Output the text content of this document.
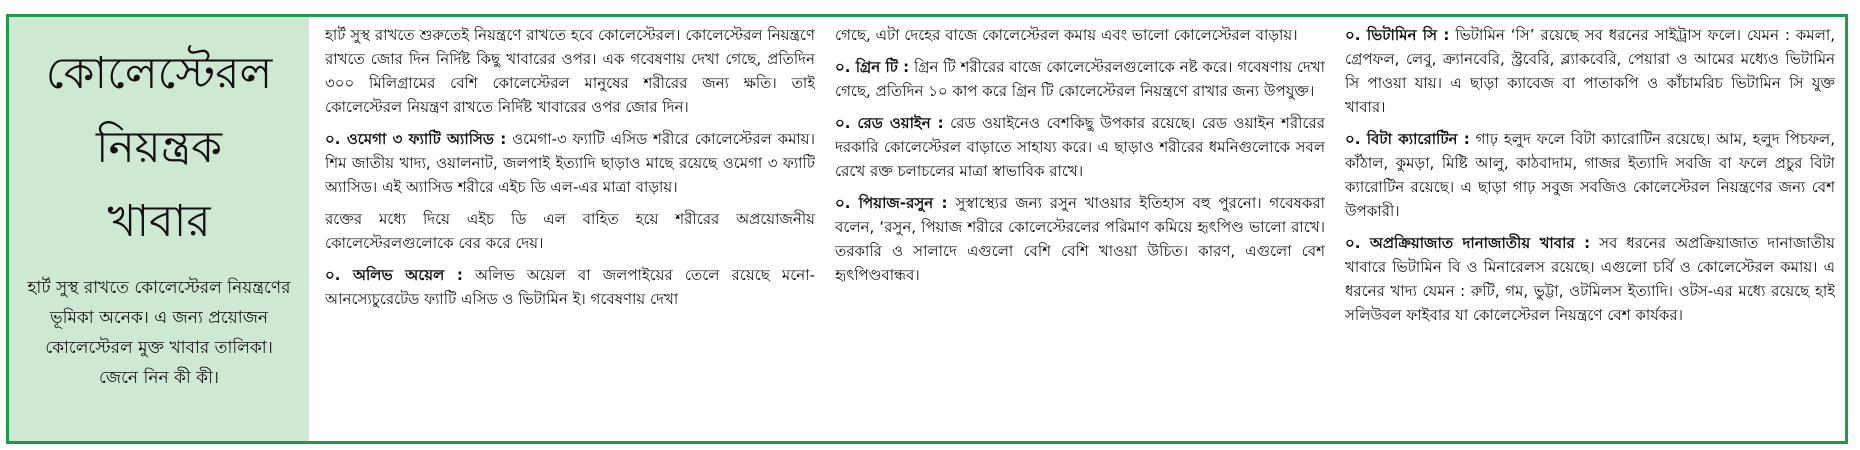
কোলেস্টেরল
নিয়ন্ত্রক
খাবার
হার্ট সুস্থ রাখতে কোলেস্টেরল নিয়ন্ত্রণের ভূমিকা অনেক। এ জন্য প্রয়োজন কোলেস্টেরল মুক্ত খাবার তালিকা। জেনে নিন কী কী।

হার্ট সুস্থ রাখতে শুরুতেই নিয়ন্ত্রণে রাখতে হবে কোলেস্টেরল। কোলেস্টেরল নিয়ন্ত্রণে রাখতে জোর দিন নির্দিষ্ট কিছু খাবারের ওপর। এক গবেষণায় দেখা গেছে, প্রতিদিন ৩০০ মিলিগ্রামের বেশি কোলেস্টেরল মানুষের শরীরের জন্য ক্ষতি। তাই কোলেস্টেরল নিয়ন্ত্রণ রাখতে নির্দিষ্ট খাবারের ওপর জোর দিন।

০. ওমেগা ৩ ফ্যাটি অ্যাসিড : ওমেগা-৩ ফ্যাটি এসিড শরীরে কোলেস্টেরল কমায়। শিম জাতীয় খাদ্য, ওয়ালনাট, জলপাই ইত্যাদি ছাড়াও মাছে রয়েছে ওমেগা ৩ ফ্যাটি অ্যাসিড। এই অ্যাসিড শরীরে এইচ ডি এল-এর মাত্রা বাড়ায়।

রক্তের মধ্যে দিয়ে এইচ ডি এল বাহিত হয়ে শরীরের অপ্রয়োজনীয় কোলেস্টেরলগুলোকে বের করে দেয়।

০. অলিভ অয়েল : অলিভ অয়েল বা জলপাইয়ের তেলে রয়েছে মনো-আনস্যেচুরেটেড ফ্যাটি এসিড ও ভিটামিন ই। গবেষণায় দেখা

গেছে, এটা দেহের বাজে কোলেস্টেরল কমায় এবং ভালো কোলেস্টেরল বাড়ায়।

০. গ্রিন টি : গ্রিন টি শরীরের বাজে কোলেস্টেরলগুলোকে নষ্ট করে। গবেষণায় দেখা গেছে, প্রতিদিন ১০ কাপ করে গ্রিন টি কোলেস্টেরল নিয়ন্ত্রণে রাখার জন্য উপযুক্ত।

০. রেড ওয়াইন : রেড ওয়াইনেও বেশকিছু উপকার রয়েছে। রেড ওয়াইন শরীরের দরকারি কোলেস্টেরল বাড়াতে সাহায্য করে। এ ছাড়াও শরীরের ধমনিগুলোকে সবল রেখে রক্ত চলাচলের মাত্রা স্বাভাবিক রাখে।

০. পিয়াজ-রসুন : সুস্বাস্থ্যের জন্য রসুন খাওয়ার ইতিহাস বহু পুরনো। গবেষকরা বলেন, ‘রসুন, পিয়াজ শরীরে কোলেস্টেরলের পরিমাণ কমিয়ে হৃৎপিণ্ড ভালো রাখে। তরকারি ও সালাদে এগুলো বেশি বেশি খাওয়া উচিত। কারণ, এগুলো বেশ হৃৎপিণ্ডবান্ধব।

০. ভিটামিন সি : ভিটামিন ‘সি’ রয়েছে সব ধরনের সাইট্রাস ফলে। যেমন : কমলা, গ্রেপফল, লেবু, ক্র্যানবেরি, স্ট্রবেরি, ব্ল্যাকবেরি, পেয়ারা ও আমের মধ্যেও ভিটামিন সি পাওয়া যায়। এ ছাড়া ক্যাবেজ বা পাতাকপি ও কাঁচামরিচ ভিটামিন সি যুক্ত খাবার।

০. বিটা ক্যারোটিন : গাঢ় হলুদ ফলে বিটা ক্যারোটিন রয়েছে। আম, হলুদ পিচফল, কাঁঠাল, কুমড়া, মিষ্টি আলু, কাঠবাদাম, গাজর ইত্যাদি সবজি বা ফলে প্রচুর বিটা ক্যারোটিন রয়েছে। এ ছাড়া গাঢ় সবুজ সবজিও কোলেস্টেরল নিয়ন্ত্রণের জন্য বেশ উপকারী।

০. অপ্রক্রিয়াজাত দানাজাতীয় খাবার : সব ধরনের অপ্রক্রিয়াজাত দানাজাতীয় খাবারে ভিটামিন বি ও মিনারেলস রয়েছে। এগুলো চর্বি ও কোলেস্টেরল কমায়। এ ধরনের খাদ্য যেমন : রুটি, গম, ভুট্টা, ওটমিলস ইত্যাদি। ওটস-এর মধ্যে রয়েছে হাই সলিউবল ফাইবার যা কোলেস্টেরল নিয়ন্ত্রণে বেশ কার্যকর।
